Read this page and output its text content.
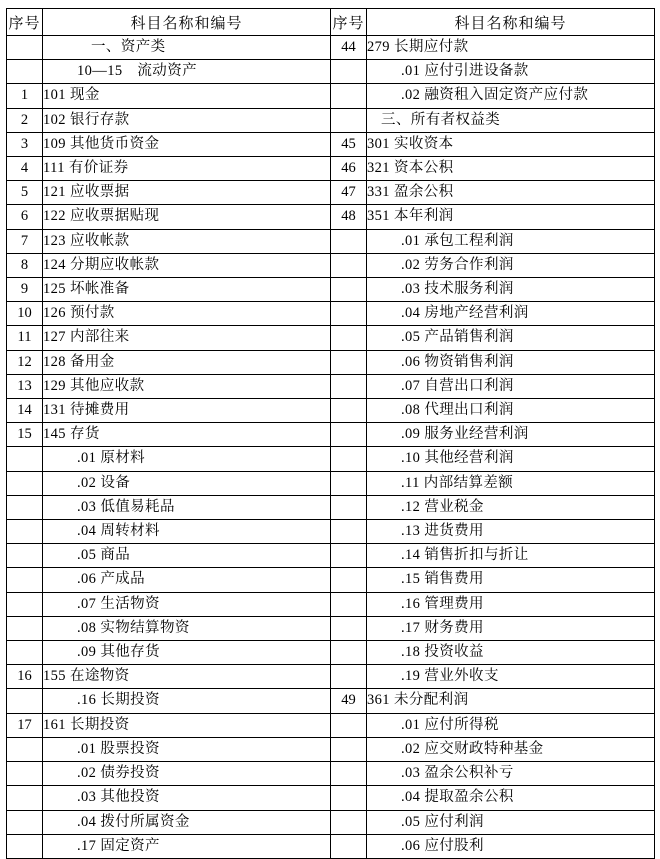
序号	科目名称和编号	序号	科目名称和编号
	一、资产类	44	279 长期应付款
	10—15　流动资产		.01 应付引进设备款
1	101 现金		.02 融资租入固定资产应付款
2	102 银行存款		三、所有者权益类
3	109 其他货币资金	45	301 实收资本
4	111 有价证券	46	321 资本公积
5	121 应收票据	47	331 盈余公积
6	122 应收票据贴现	48	351 本年利润
7	123 应收帐款		.01 承包工程利润
8	124 分期应收帐款		.02 劳务合作利润
9	125 坏帐准备		.03 技术服务利润
10	126 预付款		.04 房地产经营利润
11	127 内部往来		.05 产品销售利润
12	128 备用金		.06 物资销售利润
13	129 其他应收款		.07 自营出口利润
14	131 待摊费用		.08 代理出口利润
15	145 存货		.09 服务业经营利润
	.01 原材料		.10 其他经营利润
	.02 设备		.11 内部结算差额
	.03 低值易耗品		.12 营业税金
	.04 周转材料		.13 进货费用
	.05 商品		.14 销售折扣与折让
	.06 产成品		.15 销售费用
	.07 生活物资		.16 管理费用
	.08 实物结算物资		.17 财务费用
	.09 其他存货		.18 投资收益
16	155 在途物资		.19 营业外收支
	.16 长期投资	49	361 未分配利润
17	161 长期投资		.01 应付所得税
	.01 股票投资		.02 应交财政特种基金
	.02 债券投资		.03 盈余公积补亏
	.03 其他投资		.04 提取盈余公积
	.04 拨付所属资金		.05 应付利润
	.17 固定资产		.06 应付股利
